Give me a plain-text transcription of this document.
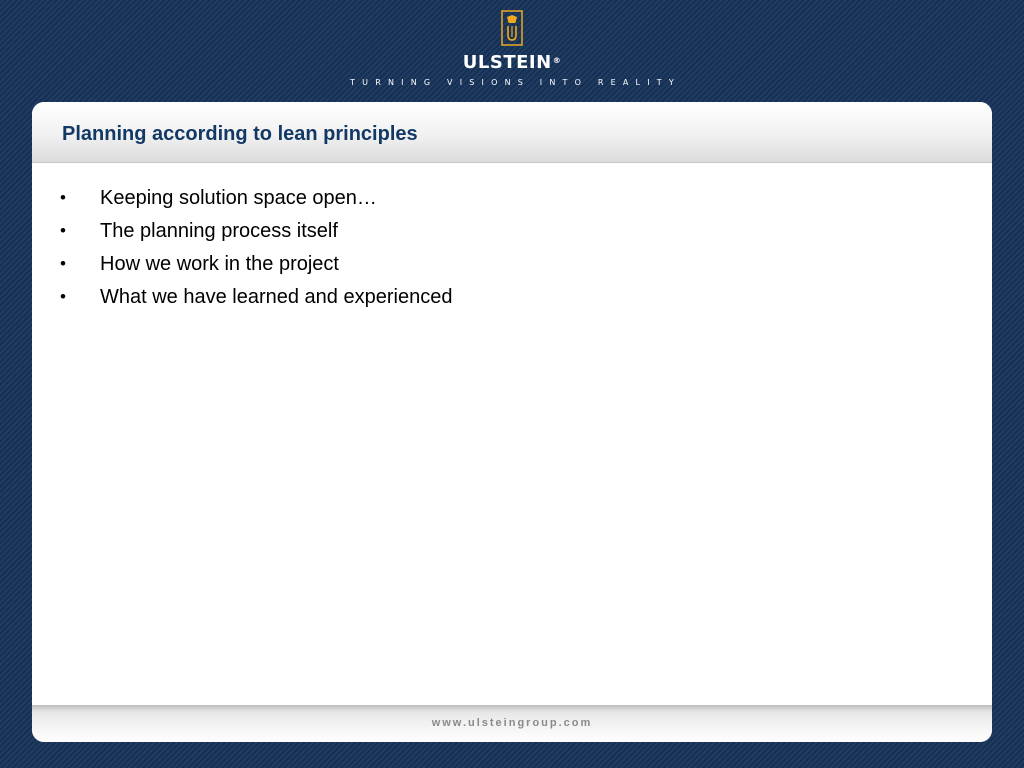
ULSTEIN®
TURNING VISIONS INTO REALITY
Planning according to lean principles
•	Keeping solution space open…
•	The planning process itself
•	How we work in the project
•	What we have learned and experienced
www.ulsteingroup.com
